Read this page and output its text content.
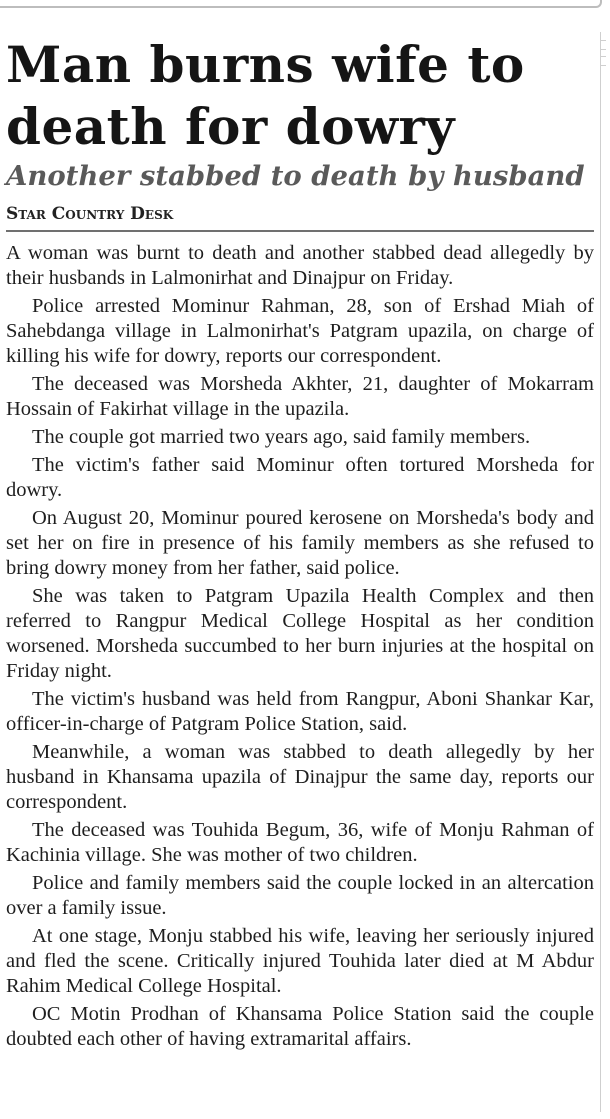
Man burns wife to death for dowry
Another stabbed to death by husband
Star Country Desk

A woman was burnt to death and another stabbed dead allegedly by their husbands in Lalmonirhat and Dinajpur on Friday.

Police arrested Mominur Rahman, 28, son of Ershad Miah of Sahebdanga village in Lalmonirhat's Patgram upazila, on charge of killing his wife for dowry, reports our correspondent.

The deceased was Morsheda Akhter, 21, daughter of Mokarram Hossain of Fakirhat village in the upazila.

The couple got married two years ago, said family members.

The victim's father said Mominur often tortured Morsheda for dowry.

On August 20, Mominur poured kerosene on Morsheda's body and set her on fire in presence of his family members as she refused to bring dowry money from her father, said police.

She was taken to Patgram Upazila Health Complex and then referred to Rangpur Medical College Hospital as her condition worsened. Morsheda succumbed to her burn injuries at the hospital on Friday night.

The victim's husband was held from Rangpur, Aboni Shankar Kar, officer-in-charge of Patgram Police Station, said.

Meanwhile, a woman was stabbed to death allegedly by her husband in Khansama upazila of Dinajpur the same day, reports our correspondent.

The deceased was Touhida Begum, 36, wife of Monju Rahman of Kachinia village. She was mother of two children.

Police and family members said the couple locked in an altercation over a family issue.

At one stage, Monju stabbed his wife, leaving her seriously injured and fled the scene. Critically injured Touhida later died at M Abdur Rahim Medical College Hospital.

OC Motin Prodhan of Khansama Police Station said the couple doubted each other of having extramarital affairs.
